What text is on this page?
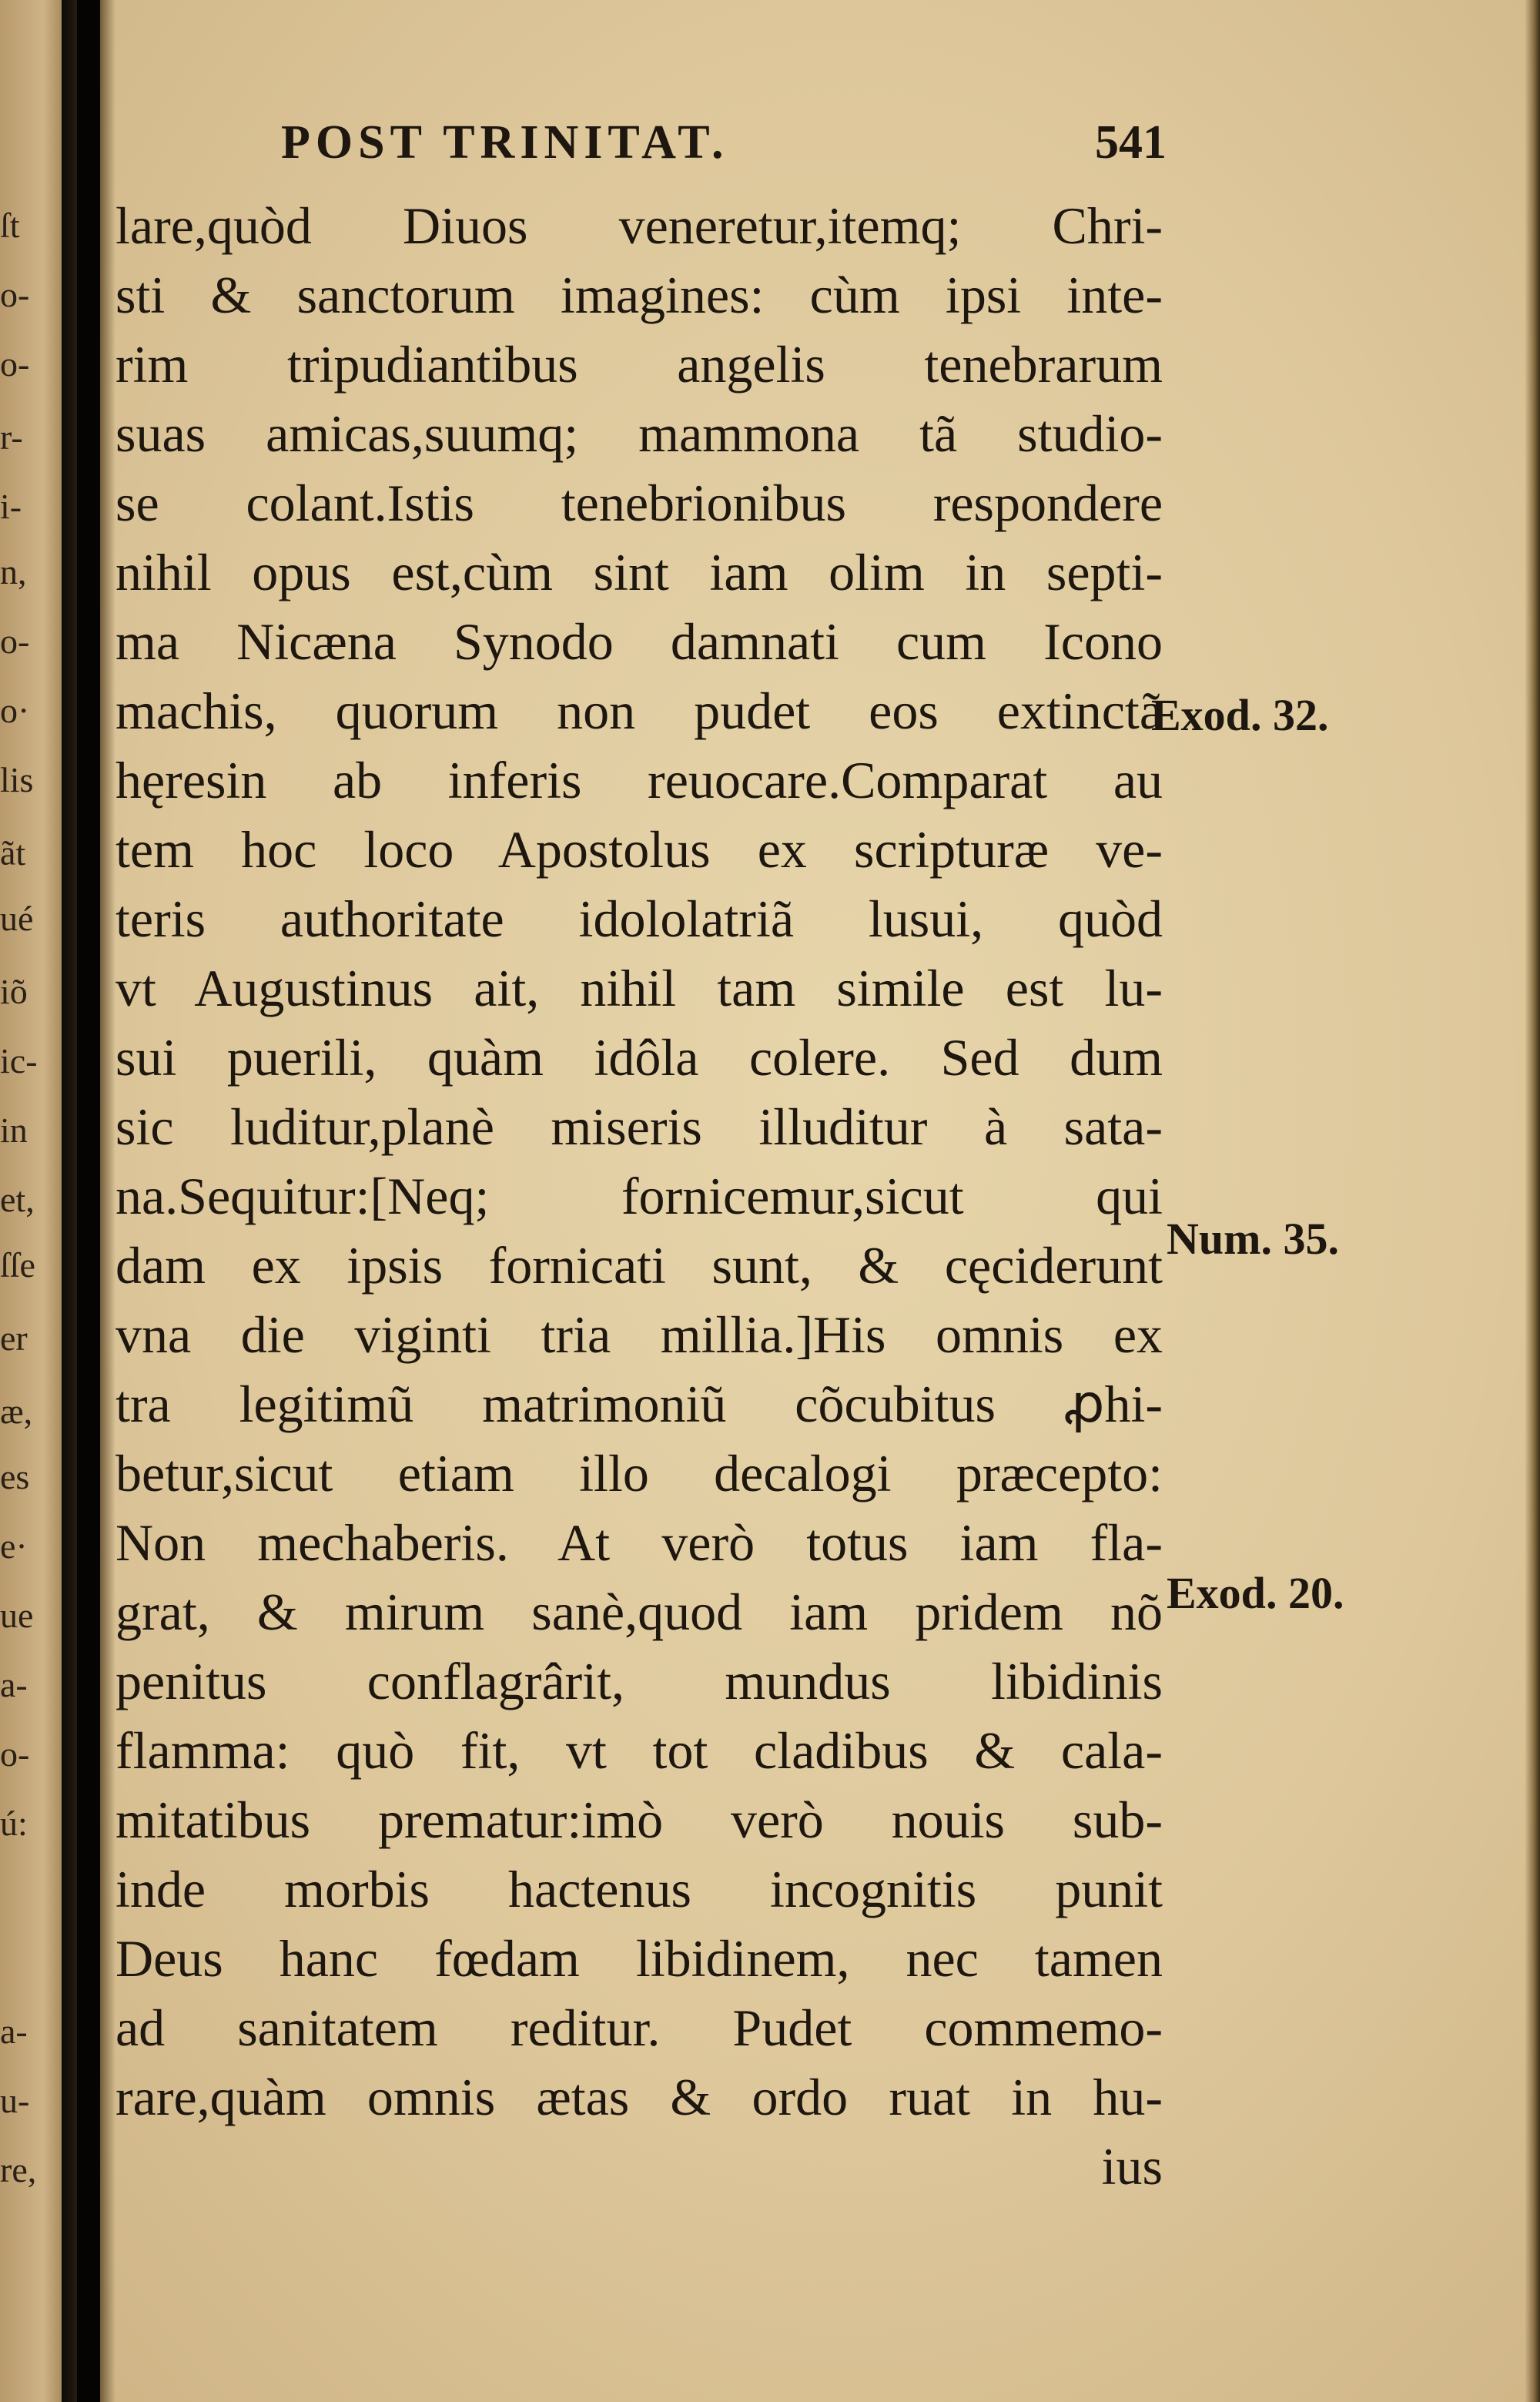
ſt
o-
o-
r-
i-
n,
o-
o·
lis
ãt
ué
iõ
ic-
in
et,
ſſe
er
æ,
es
e·
ue
a-
o-
ú:
a-
u-
re,
POST TRINITAT.	541
lare,quòd Diuos veneretur,itemq; Chri-
sti & sanctorum imagines: cùm ipsi inte-
rim tripudiantibus angelis tenebrarum
suas amicas,suumq; mammona tã studio-
se colant.Istis tenebrionibus respondere
nihil opus est,cùm sint iam olim in septi-
ma Nicæna Synodo damnati cum Icono
machis, quorum non pudet eos extinctã
hęresin ab inferis reuocare.Comparat au
tem hoc loco Apostolus ex scripturæ ve-
teris authoritate idololatriã lusui, quòd
vt Augustinus ait, nihil tam simile est lu-
sui puerili, quàm idôla colere. Sed dum
sic luditur,planè miseris illuditur à sata-
na.Sequitur:[Neq; fornicemur,sicut qui
dam ex ipsis fornicati sunt, & cęciderunt
vna die viginti tria millia.]His omnis ex
tra legitimũ matrimoniũ cõcubitus ꝓhi-
betur,sicut etiam illo decalogi præcepto:
Non mechaberis. At verò totus iam fla-
grat, & mirum sanè,quod iam pridem nõ
penitus conflagrârit, mundus libidinis
flamma: quò fit, vt tot cladibus & cala-
mitatibus prematur:imò verò nouis sub-
inde morbis hactenus incognitis punit
Deus hanc fœdam libidinem, nec tamen
ad sanitatem reditur. Pudet commemo-
rare,quàm omnis ætas & ordo ruat in hu-
ius
Exod. 32.
Num. 35.
Exod. 20.
